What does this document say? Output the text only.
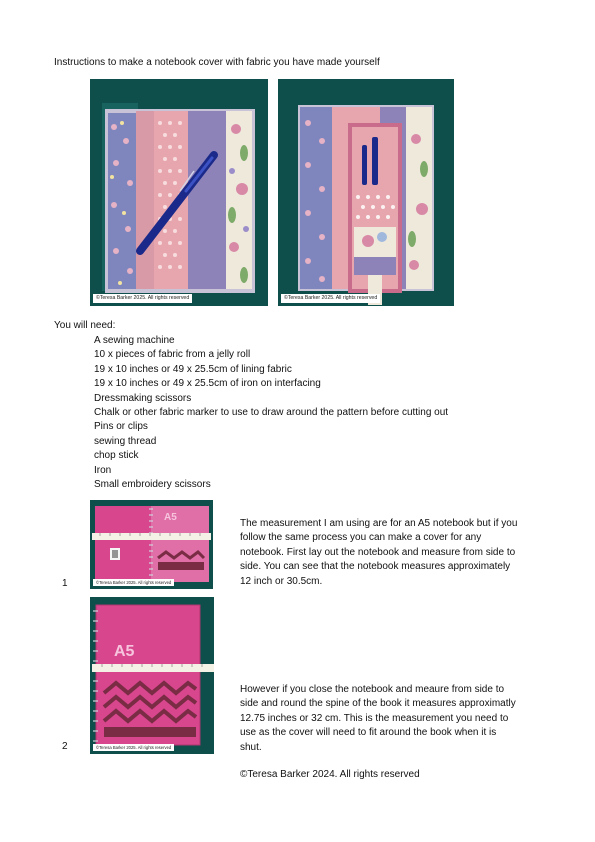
Instructions to make a notebook cover with fabric you have made yourself
©Teresa Barker 2025. All rights reserved	©Teresa Barker 2025. All rights reserved
You will need:
A sewing machine
10 x pieces of fabric from a jelly roll
19 x 10 inches or 49 x 25.5cm of lining fabric
19 x 10 inches or 49 x 25.5cm of iron on interfacing
Dressmaking scissors
Chalk or other fabric marker to use to draw around the pattern before cutting out
Pins or clips
sewing thread
chop stick
Iron
Small embroidery scissors
1
A5
©Teresa Barker 2025. All rights reserved
The measurement I am using are for an A5 notebook but if you follow the same process you can make a cover for any notebook. First lay out the notebook and measure from side to side. You can see that the notebook measures approximately 12 inch or 30.5cm.
2
A5
©Teresa Barker 2025. All rights reserved
However if you close the notebook and meaure from side to side and round the spine of the book it measures approximatly 12.75 inches or 32 cm. This is the measurement you need to use as the cover will need to fit around the book when it is shut.
©Teresa Barker 2024. All rights reserved
